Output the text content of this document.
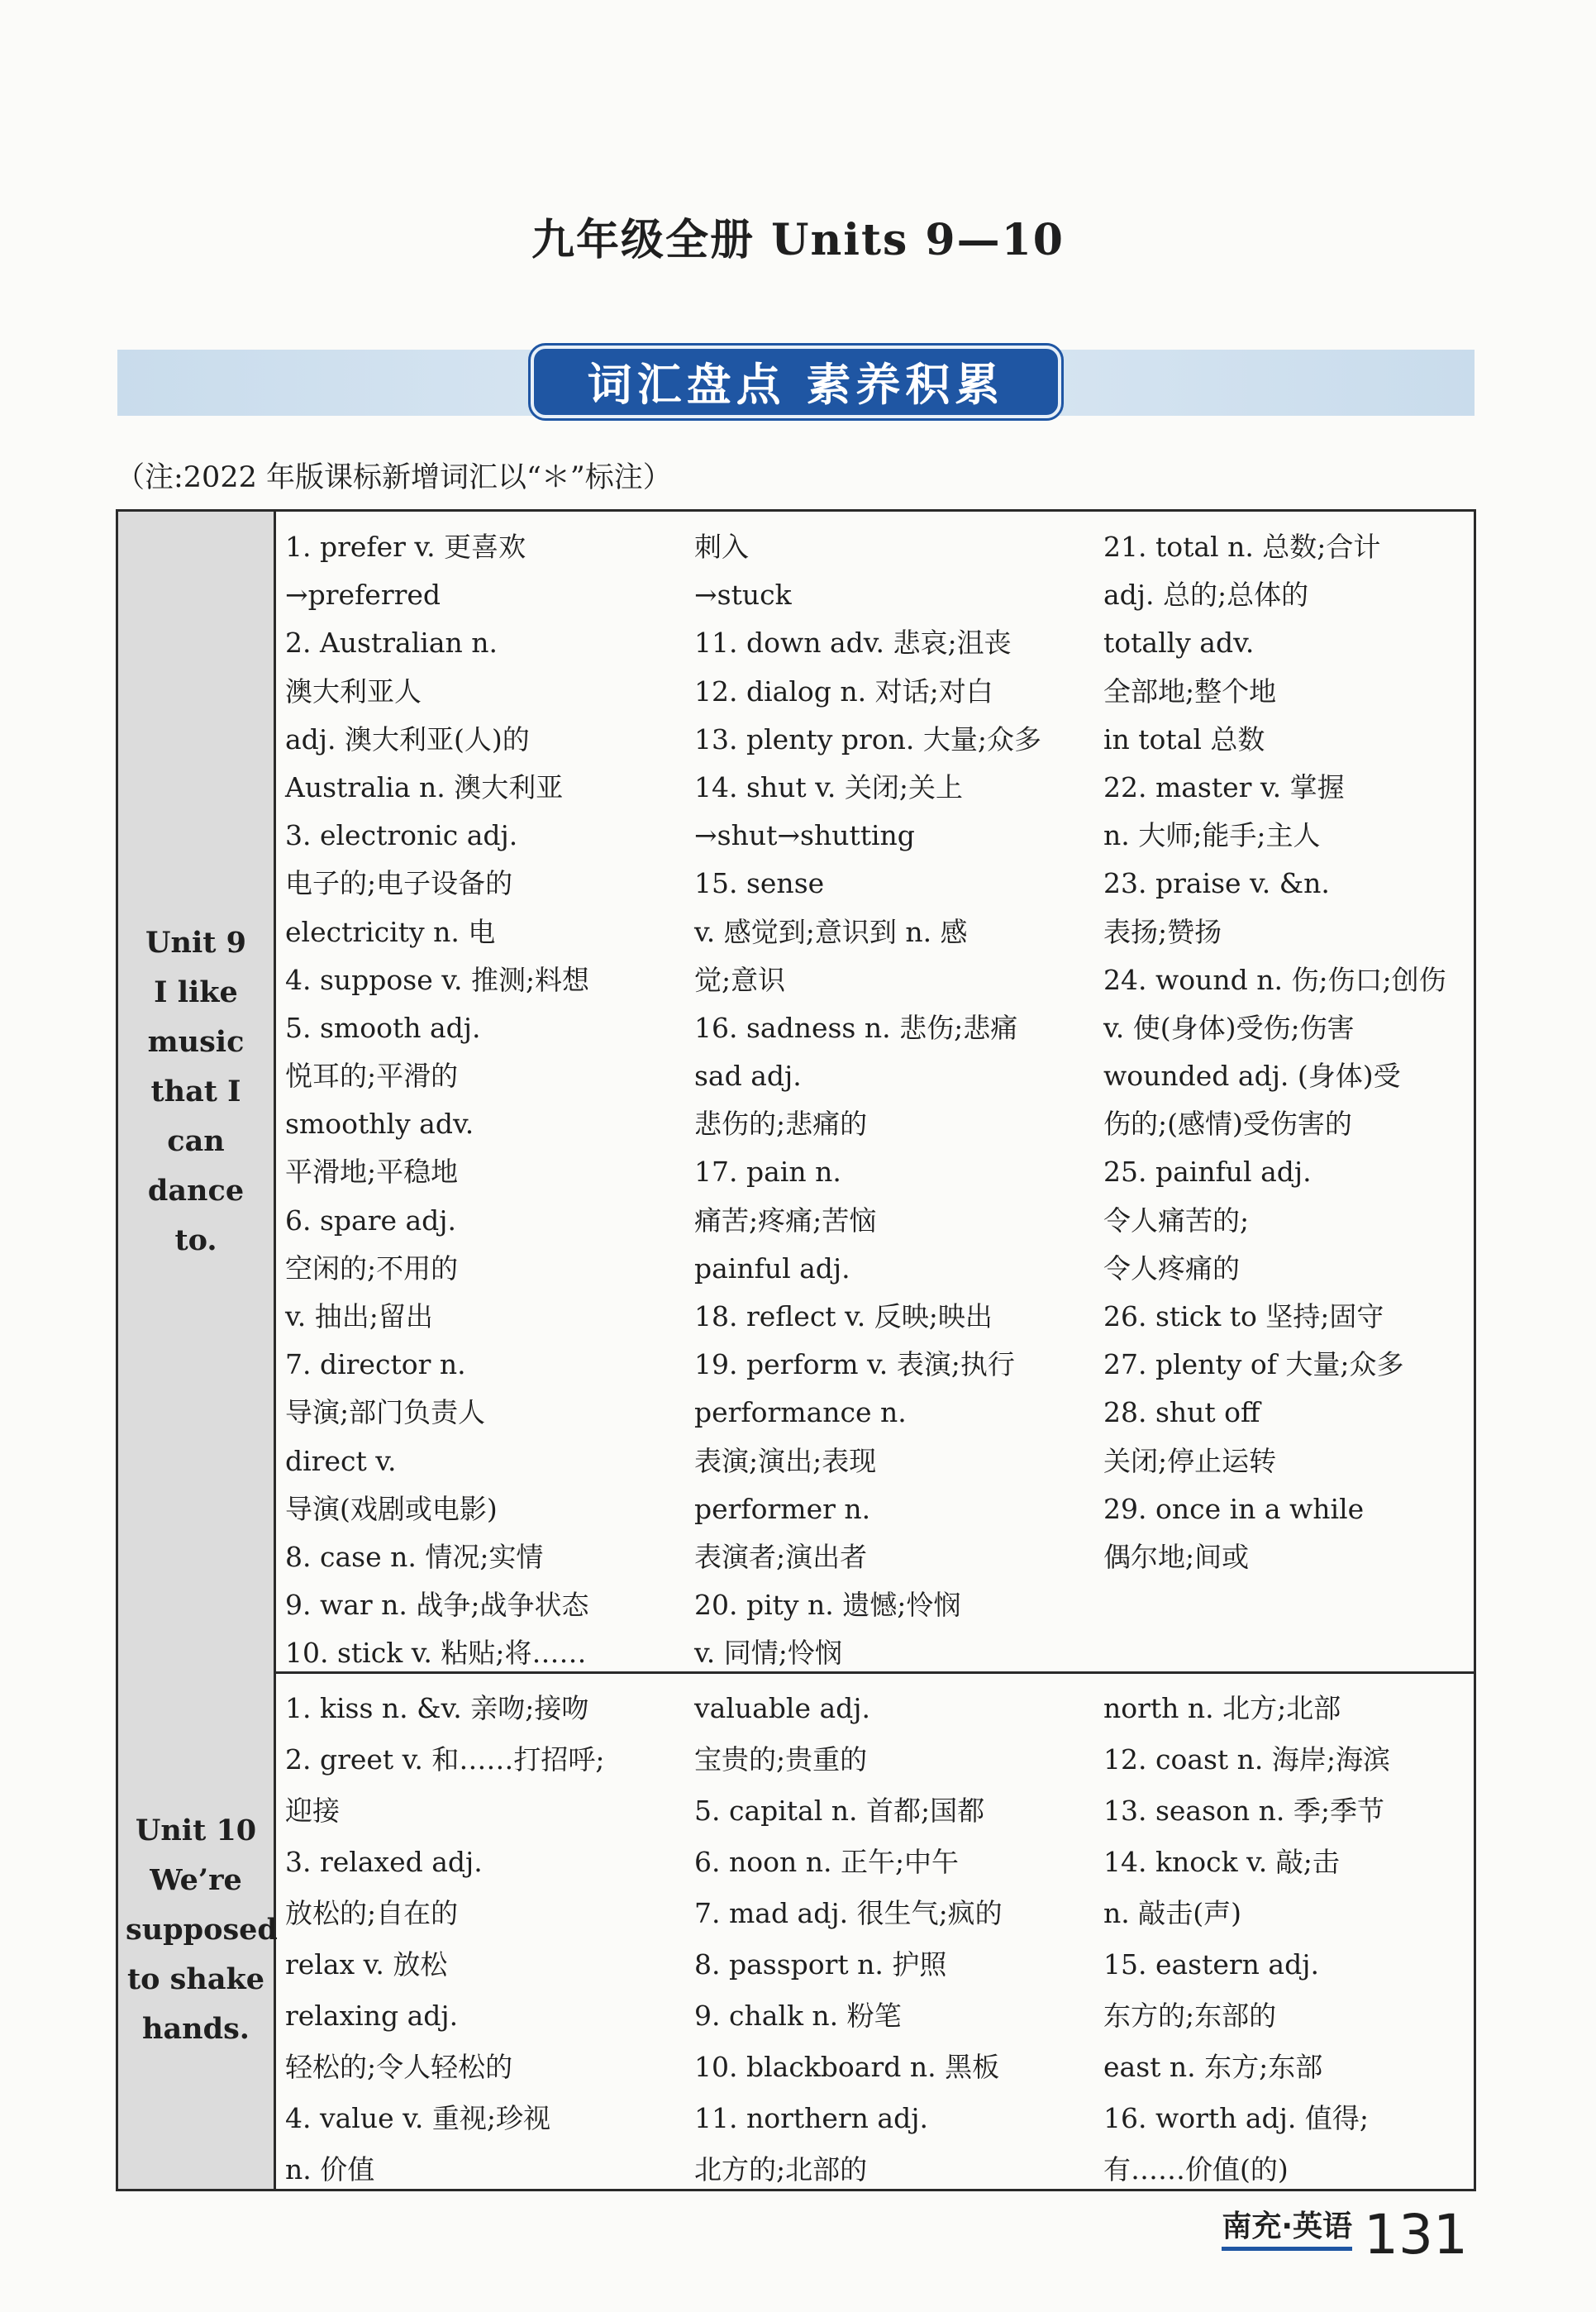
九年级全册 Units 9—10
词汇盘点 素养积累
（注:2022 年版课标新增词汇以“＊”标注）
Unit 9
I like
music
that I
can
dance to.
1. prefer v. 更喜欢
→preferred
2. Australian n.
澳大利亚人
adj. 澳大利亚(人)的
Australia n. 澳大利亚
3. electronic adj.
电子的;电子设备的
electricity n. 电
4. suppose v. 推测;料想
5. smooth adj.
悦耳的;平滑的
smoothly adv.
平滑地;平稳地
6. spare adj.
空闲的;不用的
v. 抽出;留出
7. director n.
导演;部门负责人
direct v.
导演(戏剧或电影)
8. case n. 情况;实情
9. war n. 战争;战争状态
10. stick v. 粘贴;将……
刺入
→stuck
11. down adv. 悲哀;沮丧
12. dialog n. 对话;对白
13. plenty pron. 大量;众多
14. shut v. 关闭;关上
→shut→shutting
15. sense
v. 感觉到;意识到 n. 感
觉;意识
16. sadness n. 悲伤;悲痛
sad adj.
悲伤的;悲痛的
17. pain n.
痛苦;疼痛;苦恼
painful adj.
18. reflect v. 反映;映出
19. perform v. 表演;执行
performance n.
表演;演出;表现
performer n.
表演者;演出者
20. pity n. 遗憾;怜悯
v. 同情;怜悯
21. total n. 总数;合计
adj. 总的;总体的
totally adv.
全部地;整个地
in total 总数
22. master v. 掌握
n. 大师;能手;主人
23. praise v. &n.
表扬;赞扬
24. wound n. 伤;伤口;创伤
v. 使(身体)受伤;伤害
wounded adj. (身体)受
伤的;(感情)受伤害的
25. painful adj.
令人痛苦的;
令人疼痛的
26. stick to 坚持;固守
27. plenty of 大量;众多
28. shut off
关闭;停止运转
29. once in a while
偶尔地;间或
Unit 10
We’re
supposed
to shake
hands.
1. kiss n. &v. 亲吻;接吻
2. greet v. 和……打招呼;
迎接
3. relaxed adj.
放松的;自在的
relax v. 放松
relaxing adj.
轻松的;令人轻松的
4. value v. 重视;珍视
n. 价值
valuable adj.
宝贵的;贵重的
5. capital n. 首都;国都
6. noon n. 正午;中午
7. mad adj. 很生气;疯的
8. passport n. 护照
9. chalk n. 粉笔
10. blackboard n. 黑板
11. northern adj.
北方的;北部的
north n. 北方;北部
12. coast n. 海岸;海滨
13. season n. 季;季节
14. knock v. 敲;击
n. 敲击(声)
15. eastern adj.
东方的;东部的
east n. 东方;东部
16. worth adj. 值得;
有……价值(的)
南充·英语 131
